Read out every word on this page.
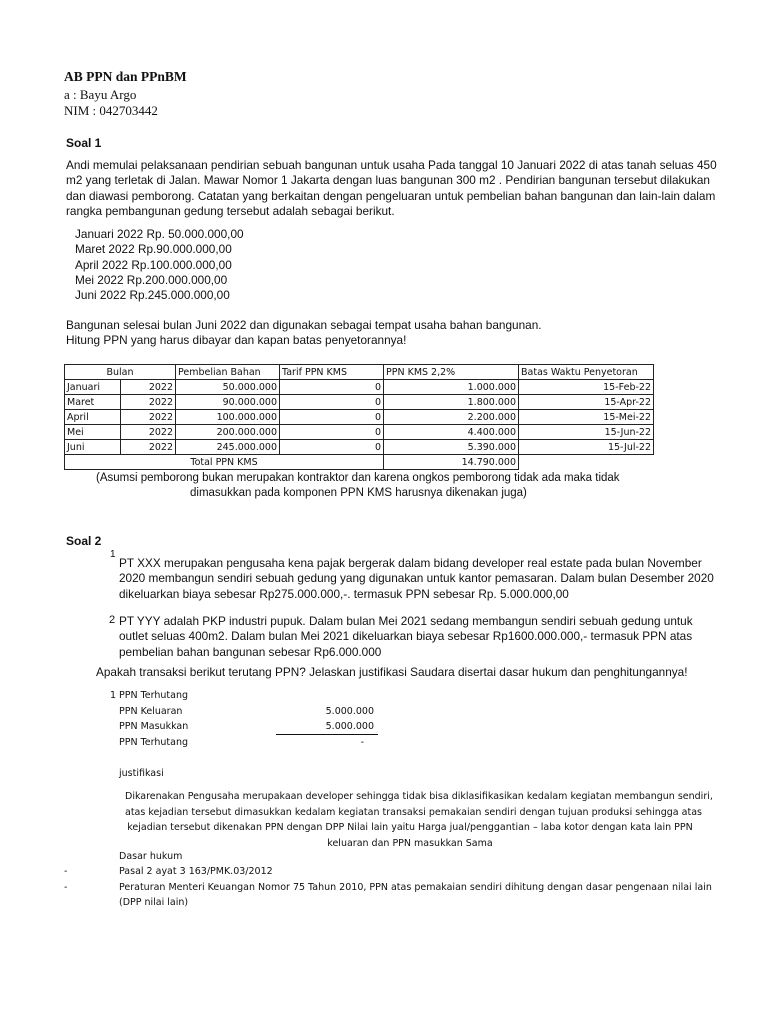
AB PPN dan PPnBM
a : Bayu Argo
NIM : 042703442
Soal 1
Andi memulai pelaksanaan pendirian sebuah bangunan untuk usaha Pada tanggal 10 Januari 2022 di atas tanah seluas 450
m2 yang terletak di Jalan. Mawar Nomor 1 Jakarta dengan luas bangunan 300 m2 . Pendirian bangunan tersebut dilakukan
dan diawasi pemborong. Catatan yang berkaitan dengan pengeluaran untuk pembelian bahan bangunan dan lain-lain dalam
rangka pembangunan gedung tersebut adalah sebagai berikut.
Januari 2022 Rp. 50.000.000,00
Maret 2022 Rp.90.000.000,00
April 2022 Rp.100.000.000,00
Mei 2022 Rp.200.000.000,00
Juni 2022 Rp.245.000.000,00
Bangunan selesai bulan Juni 2022 dan digunakan sebagai tempat usaha bahan bangunan.
Hitung PPN yang harus dibayar dan kapan batas penyetorannya!
Bulan		Pembelian Bahan	Tarif PPN KMS	PPN KMS 2,2%	Batas Waktu Penyetoran
Januari	2022	50.000.000	0	1.000.000	15-Feb-22
Maret	2022	90.000.000	0	1.800.000	15-Apr-22
April	2022	100.000.000	0	2.200.000	15-Mei-22
Mei	2022	200.000.000	0	4.400.000	15-Jun-22
Juni	2022	245.000.000	0	5.390.000	15-Jul-22
Total PPN KMS				14.790.000	
(Asumsi pemborong bukan merupakan kontraktor dan karena ongkos pemborong tidak ada maka tidak
dimasukkan pada komponen PPN KMS harusnya dikenakan juga)
Soal 2
1
PT XXX merupakan pengusaha kena pajak bergerak dalam bidang developer real estate pada bulan November
2020 membangun sendiri sebuah gedung yang digunakan untuk kantor pemasaran. Dalam bulan Desember 2020
dikeluarkan biaya sebesar Rp275.000.000,-. termasuk PPN sebesar Rp. 5.000.000,00
2 PT YYY adalah PKP industri pupuk. Dalam bulan Mei 2021 sedang membangun sendiri sebuah gedung untuk
outlet seluas 400m2. Dalam bulan Mei 2021 dikeluarkan biaya sebesar Rp1600.000.000,- termasuk PPN atas
pembelian bahan bangunan sebesar Rp6.000.000
Apakah transaksi berikut terutang PPN? Jelaskan justifikasi Saudara disertai dasar hukum dan penghitungannya!
1 PPN Terhutang
PPN Keluaran	5.000.000
PPN Masukkan	5.000.000
PPN Terhutang	-
justifikasi
Dikarenakan Pengusaha merupakaan developer sehingga tidak bisa diklasifikasikan kedalam kegiatan membangun sendiri,
atas kejadian tersebut dimasukkan kedalam kegiatan transaksi pemakaian sendiri dengan tujuan produksi sehingga atas
kejadian tersebut dikenakan PPN dengan DPP Nilai lain yaitu Harga jual/penggantian – laba kotor dengan kata lain PPN
keluaran dan PPN masukkan Sama
Dasar hukum
-	Pasal 2 ayat 3 163/PMK.03/2012
-	Peraturan Menteri Keuangan Nomor 75 Tahun 2010, PPN atas pemakaian sendiri dihitung dengan dasar pengenaan nilai lain
(DPP nilai lain)
